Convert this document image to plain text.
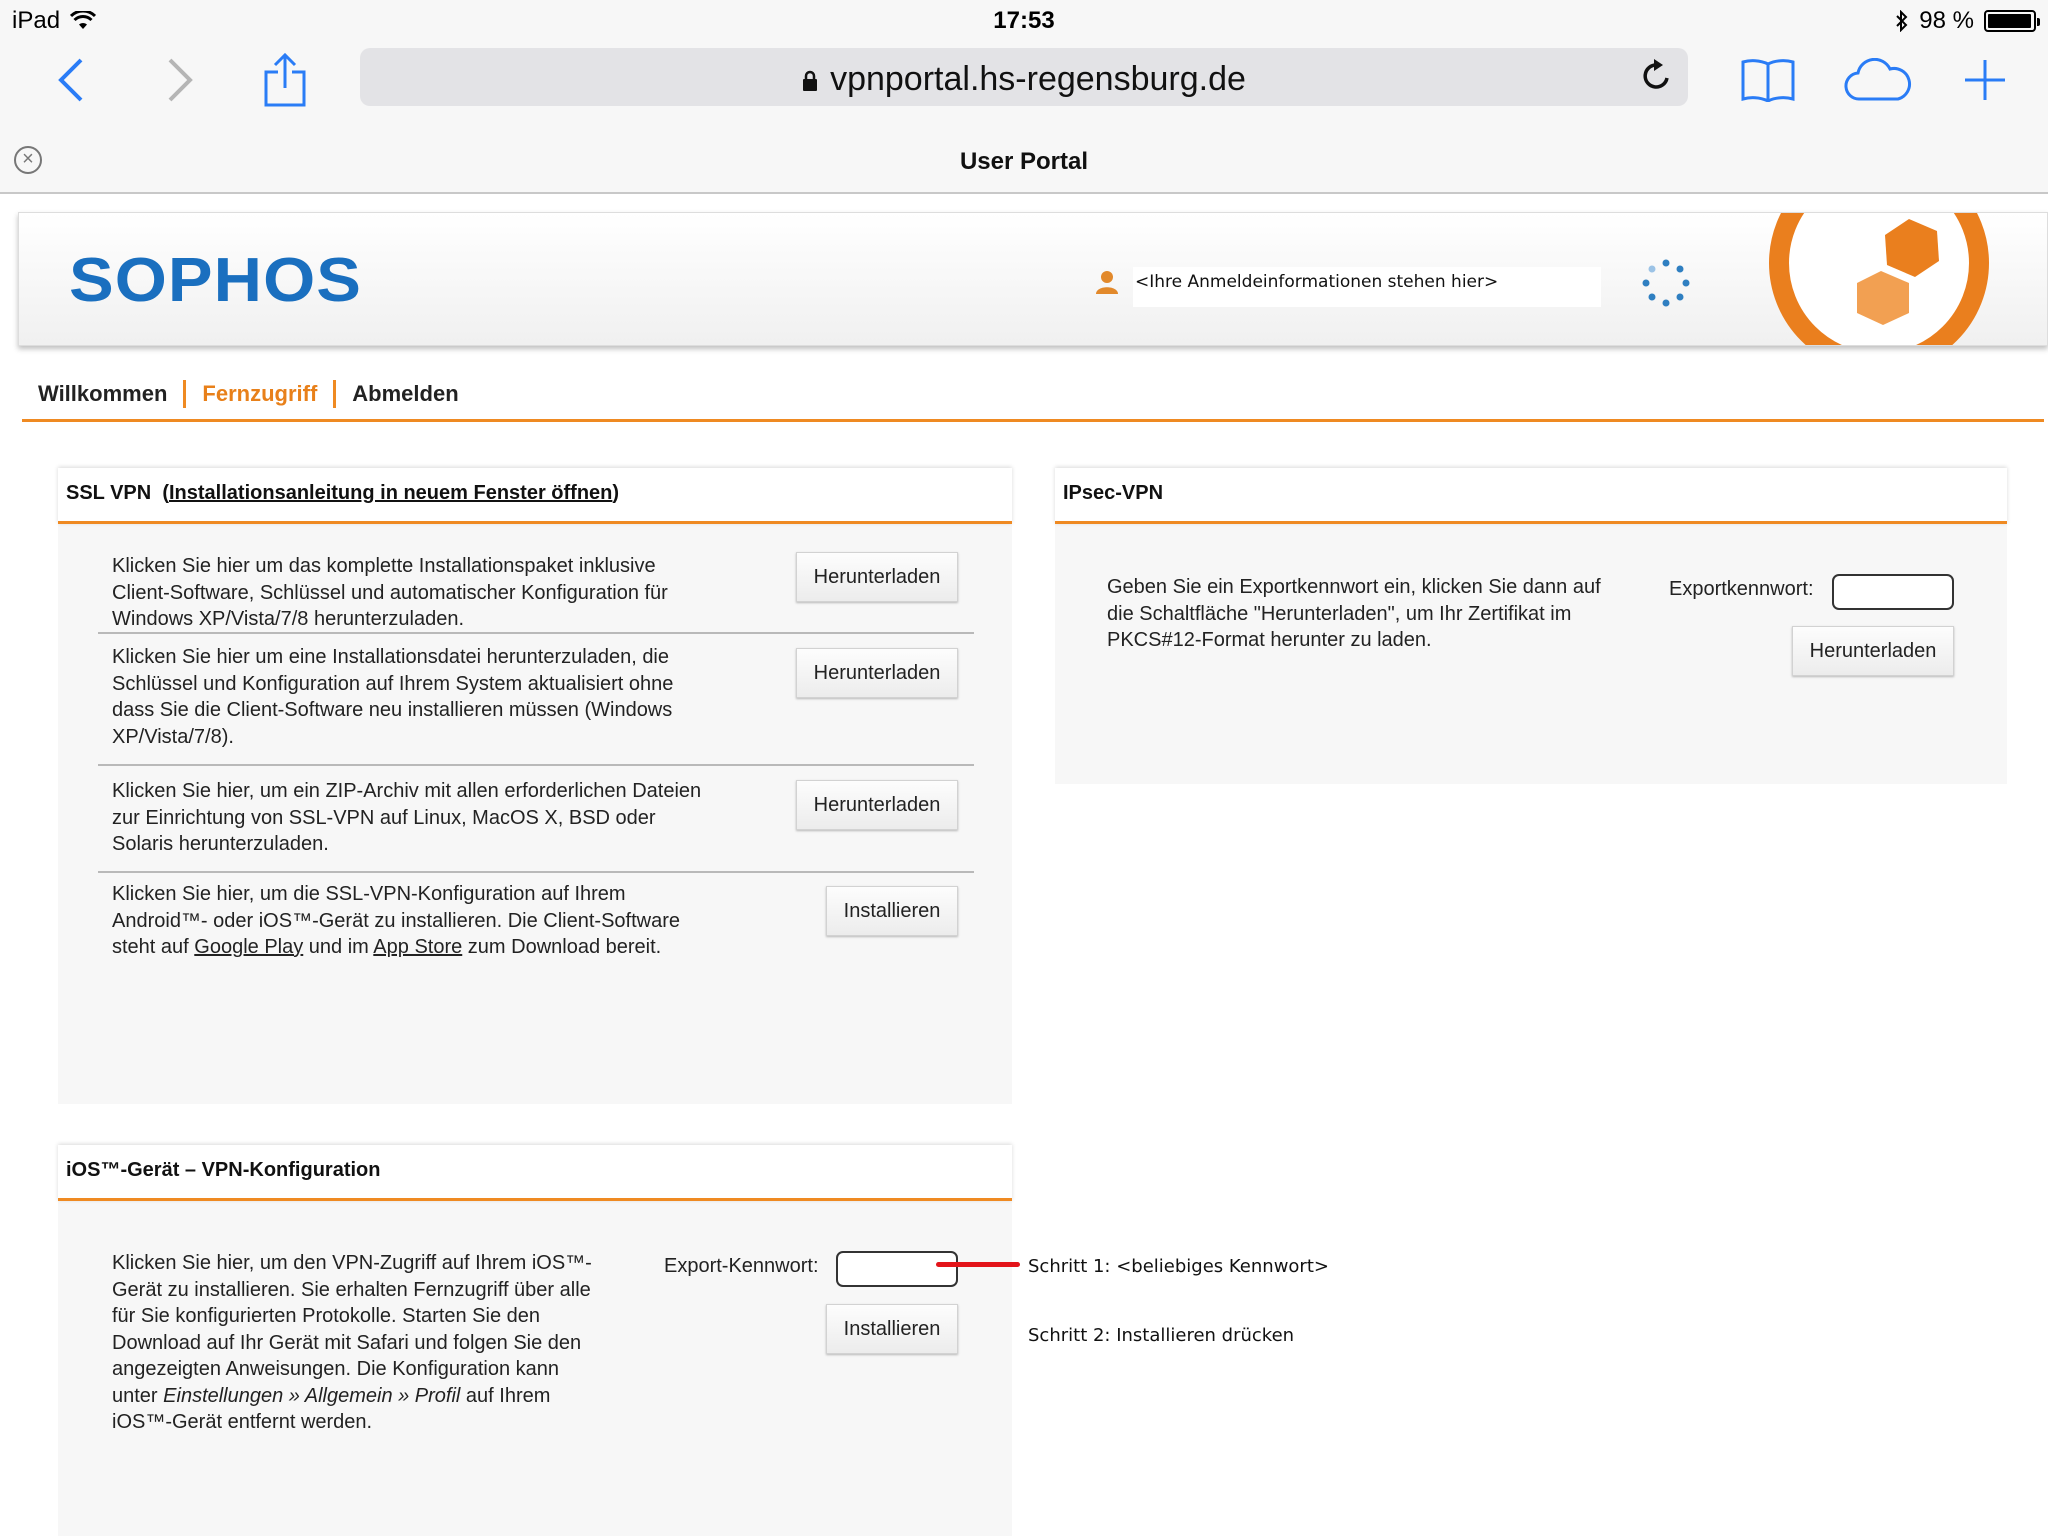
iPad	17:53	98 %
vpnportal.hs-regensburg.de
×	User Portal
SOPHOS	<Ihre Anmeldeinformationen stehen hier>
Willkommen	Fernzugriff	Abmelden
SSL VPN  (Installationsanleitung in neuem Fenster öffnen)
Klicken Sie hier um das komplette Installationspaket inklusive
Client-Software, Schlüssel und automatischer Konfiguration für
Windows XP/Vista/7/8 herunterzuladen.
Herunterladen
Klicken Sie hier um eine Installationsdatei herunterzuladen, die
Schlüssel und Konfiguration auf Ihrem System aktualisiert ohne
dass Sie die Client-Software neu installieren müssen (Windows
XP/Vista/7/8).
Herunterladen
Klicken Sie hier, um ein ZIP-Archiv mit allen erforderlichen Dateien
zur Einrichtung von SSL-VPN auf Linux, MacOS X, BSD oder
Solaris herunterzuladen.
Herunterladen
Klicken Sie hier, um die SSL-VPN-Konfiguration auf Ihrem
Android™- oder iOS™-Gerät zu installieren. Die Client-Software
steht auf Google Play und im App Store zum Download bereit.
Installieren
IPsec-VPN
Geben Sie ein Exportkennwort ein, klicken Sie dann auf
die Schaltfläche "Herunterladen", um Ihr Zertifikat im
PKCS#12-Format herunter zu laden.
Exportkennwort:
Herunterladen
iOS™-Gerät – VPN-Konfiguration
Klicken Sie hier, um den VPN-Zugriff auf Ihrem iOS™-
Gerät zu installieren. Sie erhalten Fernzugriff über alle
für Sie konfigurierten Protokolle. Starten Sie den
Download auf Ihr Gerät mit Safari und folgen Sie den
angezeigten Anweisungen. Die Konfiguration kann
unter Einstellungen » Allgemein » Profil auf Ihrem
iOS™-Gerät entfernt werden.
Export-Kennwort:
Installieren
Schritt 1: <beliebiges Kennwort>
Schritt 2: Installieren drücken
